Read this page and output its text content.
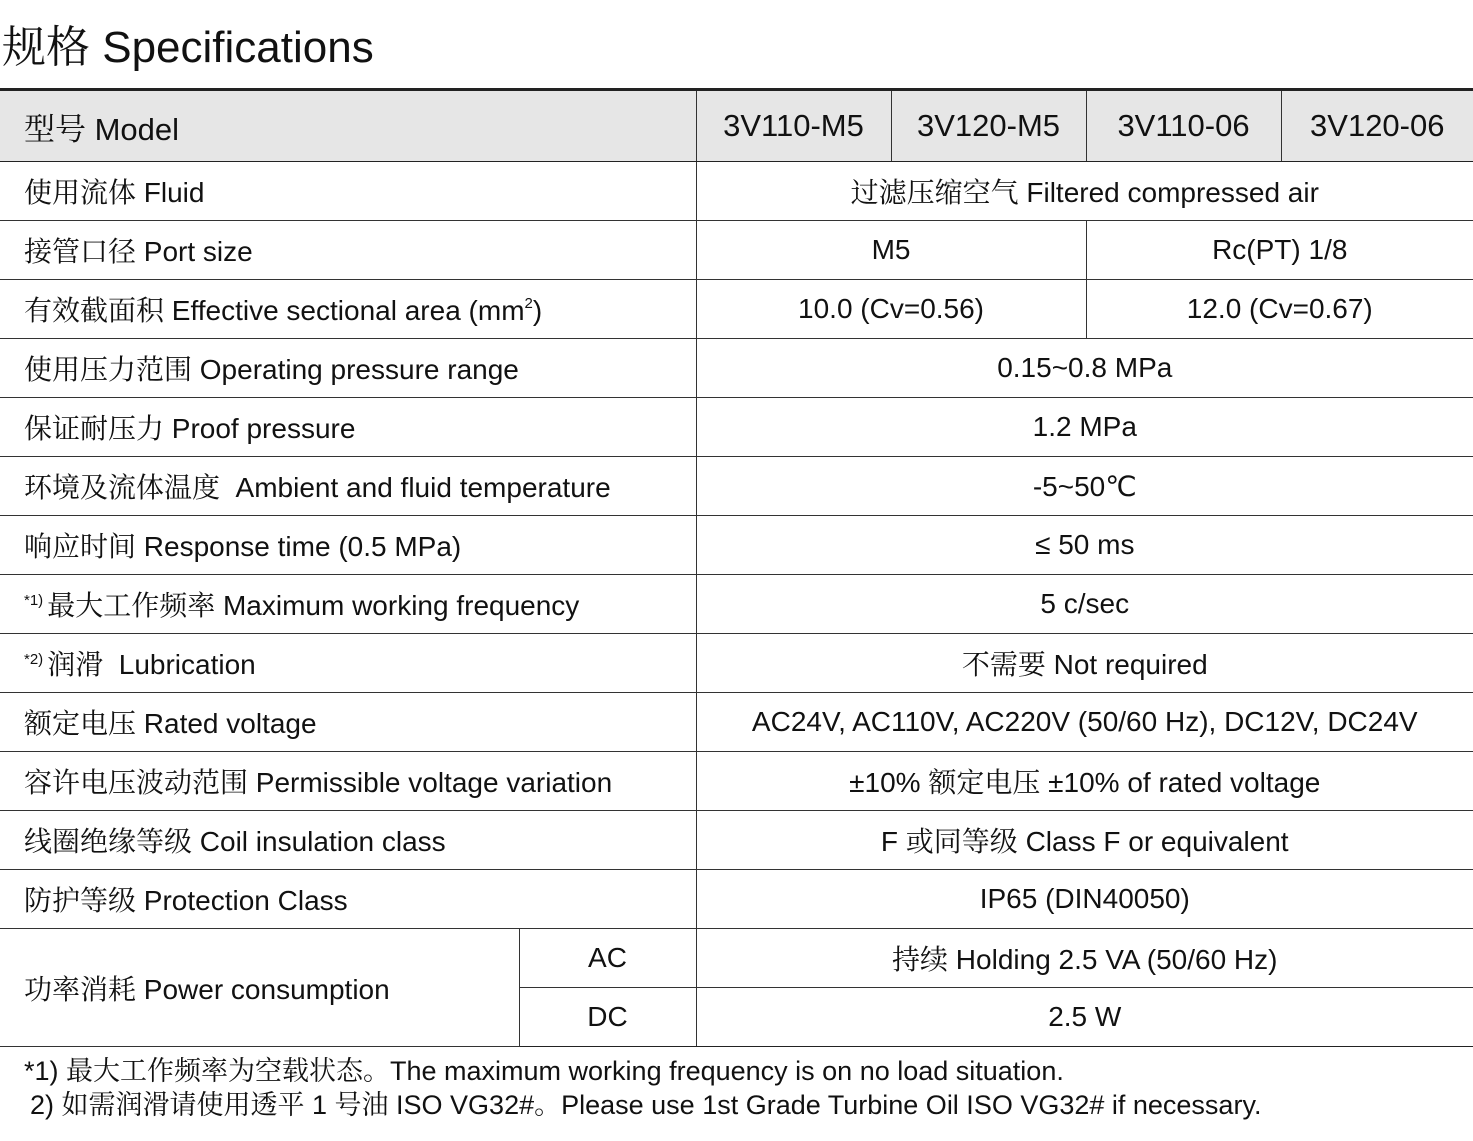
规格 Specifications
型号 Model		3V110-M5	3V120-M5	3V110-06	3V120-06
使用流体 Fluid		过滤压缩空气 Filtered compressed air			
接管口径 Port size		M5		Rc(PT) 1/8	
有效截面积 Effective sectional area $(mm^2)$		10.0 (Cv=0.56)		12.0 (Cv=0.67)	
使用压力范围 Operating pressure range		0.15~0.8 MPa			
保证耐压力 Proof pressure		1.2 MPa			
环境及流体温度  Ambient and fluid temperature		-5~50℃			
响应时间 Response time (0.5 MPa)		≤ 50 ms			
$^{*1)}$ 最大工作频率 Maximum working frequency		5 c/sec			
$^{*2)}$ 润滑  Lubrication		不需要 Not required			
额定电压 Rated voltage		AC24V, AC110V, AC220V (50/60 Hz), DC12V, DC24V			
容许电压波动范围 Permissible voltage variation		±10% 额定电压 ±10% of rated voltage			
线圈绝缘等级 Coil insulation class		F 或同等级 Class F or equivalent			
防护等级 Protection Class		IP65 (DIN40050)			
功率消耗 Power consumption	AC	持续 Holding 2.5 VA (50/60 Hz)			
	DC	2.5 W			
*1) 最大工作频率为空载状态。The maximum working frequency is on no load situation.
2) 如需润滑请使用透平 1 号油 ISO VG32#。Please use 1st Grade Turbine Oil ISO VG32# if necessary.
